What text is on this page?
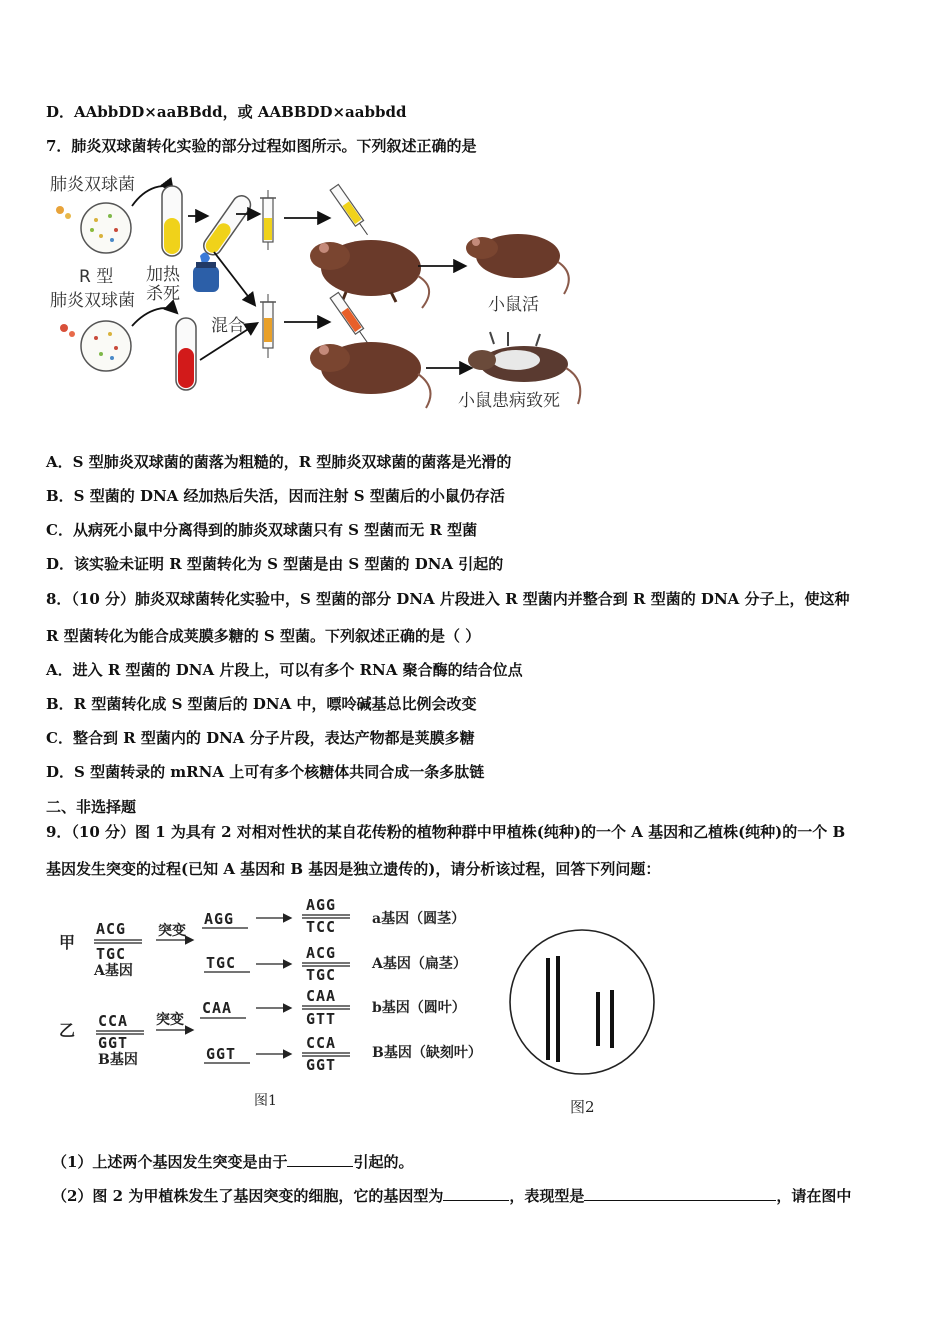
D．AAbbDD×aaBBdd，或 AABBDD×aabbdd
7．肺炎双球菌转化实验的部分过程如图所示。下列叙述正确的是
肺炎双球菌
R 型
肺炎双球菌
加热
杀死
混合
小鼠活
小鼠患病致死
A．S 型肺炎双球菌的菌落为粗糙的，R 型肺炎双球菌的菌落是光滑的
B．S 型菌的 DNA 经加热后失活，因而注射 S 型菌后的小鼠仍存活
C．从病死小鼠中分离得到的肺炎双球菌只有 S 型菌而无 R 型菌
D．该实验未证明 R 型菌转化为 S 型菌是由 S 型菌的 DNA 引起的
8．（10 分）肺炎双球菌转化实验中，S 型菌的部分 DNA 片段进入 R 型菌内并整合到 R 型菌的 DNA 分子上，使这种
R 型菌转化为能合成荚膜多糖的 S 型菌。下列叙述正确的是（ ）
A．进入 R 型菌的 DNA 片段上，可以有多个 RNA 聚合酶的结合位点
B．R 型菌转化成 S 型菌后的 DNA 中，嘌呤碱基总比例会改变
C．整合到 R 型菌内的 DNA 分子片段，表达产物都是荚膜多糖
D．S 型菌转录的 mRNA 上可有多个核糖体共同合成一条多肽链
二、非选择题
9．（10 分）图 1 为具有 2 对相对性状的某自花传粉的植物种群中甲植株(纯种)的一个 A 基因和乙植株(纯种)的一个 B
基因发生突变的过程(已知 A 基因和 B 基因是独立遗传的)，请分析该过程，回答下列问题：
甲
乙
ACG
TGC
A基因
突变
AGG
TGC
AGG
TCC	a基因（圆茎）
ACG
TGC
A基因（扁茎）
CCA
GGT
B基因
突变
CAA
GGT
CAA
GTT
b基因（圆叶）
CCA
GGT
B基因（缺刻叶）
图1	图2
（1）上述两个基因发生突变是由于	引起的。
（2）图 2 为甲植株发生了基因突变的细胞，它的基因型为	，表现型是	，请在图中
